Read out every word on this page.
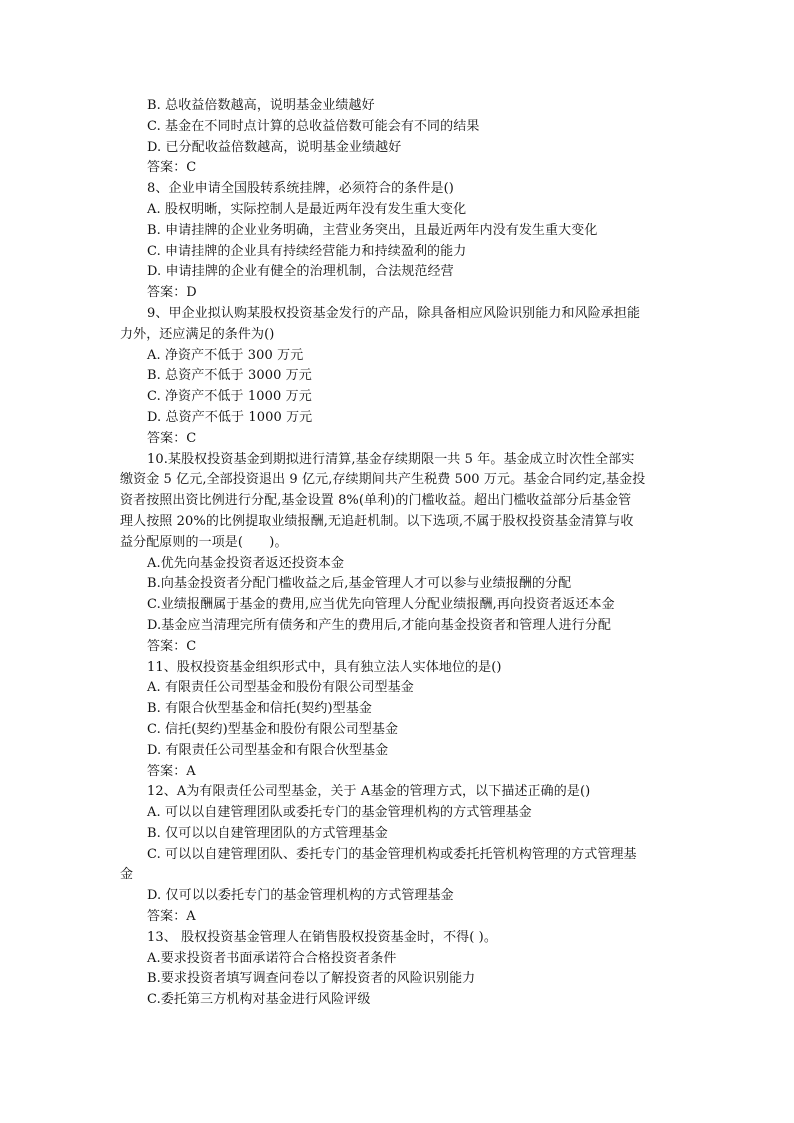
B. 总收益倍数越高，说明基金业绩越好
C. 基金在不同时点计算的总收益倍数可能会有不同的结果
D. 已分配收益倍数越高，说明基金业绩越好
答案：C
8、企业申请全国股转系统挂牌，必须符合的条件是()
A. 股权明晰，实际控制人是最近两年没有发生重大变化
B. 申请挂牌的企业业务明确，主营业务突出，且最近两年内没有发生重大变化
C. 申请挂牌的企业具有持续经营能力和持续盈利的能力
D. 申请挂牌的企业有健全的治理机制，合法规范经营
答案：D
9、甲企业拟认购某股权投资基金发行的产品，除具备相应风险识别能力和风险承担能
力外，还应满足的条件为()
A. 净资产不低于 300 万元
B. 总资产不低于 3000 万元
C. 净资产不低于 1000 万元
D. 总资产不低于 1000 万元
答案：C
10.某股权投资基金到期拟进行清算,基金存续期限一共 5 年。基金成立时次性全部实
缴资金 5 亿元,全部投资退出 9 亿元,存续期间共产生税费 500 万元。基金合同约定,基金投
资者按照出资比例进行分配,基金设置 8%(单利)的门槛收益。超出门槛收益部分后基金管
理人按照 20%的比例提取业绩报酬,无追赶机制。以下选项,不属于股权投资基金清算与收
益分配原则的一项是(　　)。
A.优先向基金投资者返还投资本金
B.向基金投资者分配门槛收益之后,基金管理人才可以参与业绩报酬的分配
C.业绩报酬属于基金的费用,应当优先向管理人分配业绩报酬,再向投资者返还本金
D.基金应当清理完所有债务和产生的费用后,才能向基金投资者和管理人进行分配
答案：C
11、股权投资基金组织形式中，具有独立法人实体地位的是()
A. 有限责任公司型基金和股份有限公司型基金
B. 有限合伙型基金和信托(契约)型基金
C. 信托(契约)型基金和股份有限公司型基金
D. 有限责任公司型基金和有限合伙型基金
答案：A
12、A为有限责任公司型基金，关于 A基金的管理方式，以下描述正确的是()
A. 可以以自建管理团队或委托专门的基金管理机构的方式管理基金
B. 仅可以以自建管理团队的方式管理基金
C. 可以以自建管理团队、委托专门的基金管理机构或委托托管机构管理的方式管理基
金
D. 仅可以以委托专门的基金管理机构的方式管理基金
答案：A
13、 股权投资基金管理人在销售股权投资基金时，不得( )。
A.要求投资者书面承诺符合合格投资者条件
B.要求投资者填写调查问卷以了解投资者的风险识别能力
C.委托第三方机构对基金进行风险评级
